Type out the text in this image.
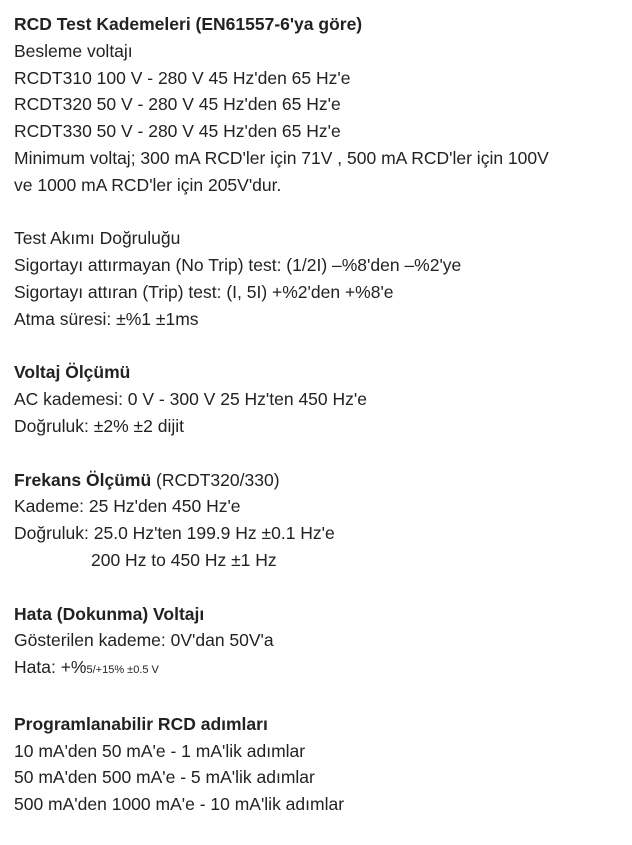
RCD Test Kademeleri (EN61557-6'ya göre)
Besleme voltajı
RCDT310 100 V - 280 V 45 Hz'den 65 Hz'e
RCDT320 50 V - 280 V 45 Hz'den 65 Hz'e
RCDT330 50 V - 280 V 45 Hz'den 65 Hz'e
Minimum voltaj; 300 mA RCD'ler için 71V , 500 mA RCD'ler için 100V
ve 1000 mA RCD'ler için 205V'dur.
Test Akımı Doğruluğu
Sigortayı attırmayan (No Trip) test: (1/2I) –%8'den –%2'ye
Sigortayı attıran (Trip) test: (I, 5I) +%2'den +%8'e
Atma süresi: ±%1 ±1ms
Voltaj Ölçümü
AC kademesi: 0 V - 300 V 25 Hz'ten 450 Hz'e
Doğruluk: ±2% ±2 dijit
Frekans Ölçümü (RCDT320/330)
Kademe: 25 Hz'den 450 Hz'e
Doğruluk: 25.0 Hz'ten 199.9 Hz ±0.1 Hz'e
200 Hz to 450 Hz ±1 Hz
Hata (Dokunma) Voltajı
Gösterilen kademe: 0V'dan 50V'a
Hata: +%5/+15% ±0.5 V
Programlanabilir RCD adımları
10 mA'den 50 mA'e - 1 mA'lik adımlar
50 mA'den 500 mA'e - 5 mA'lik adımlar
500 mA'den 1000 mA'e - 10 mA'lik adımlar
